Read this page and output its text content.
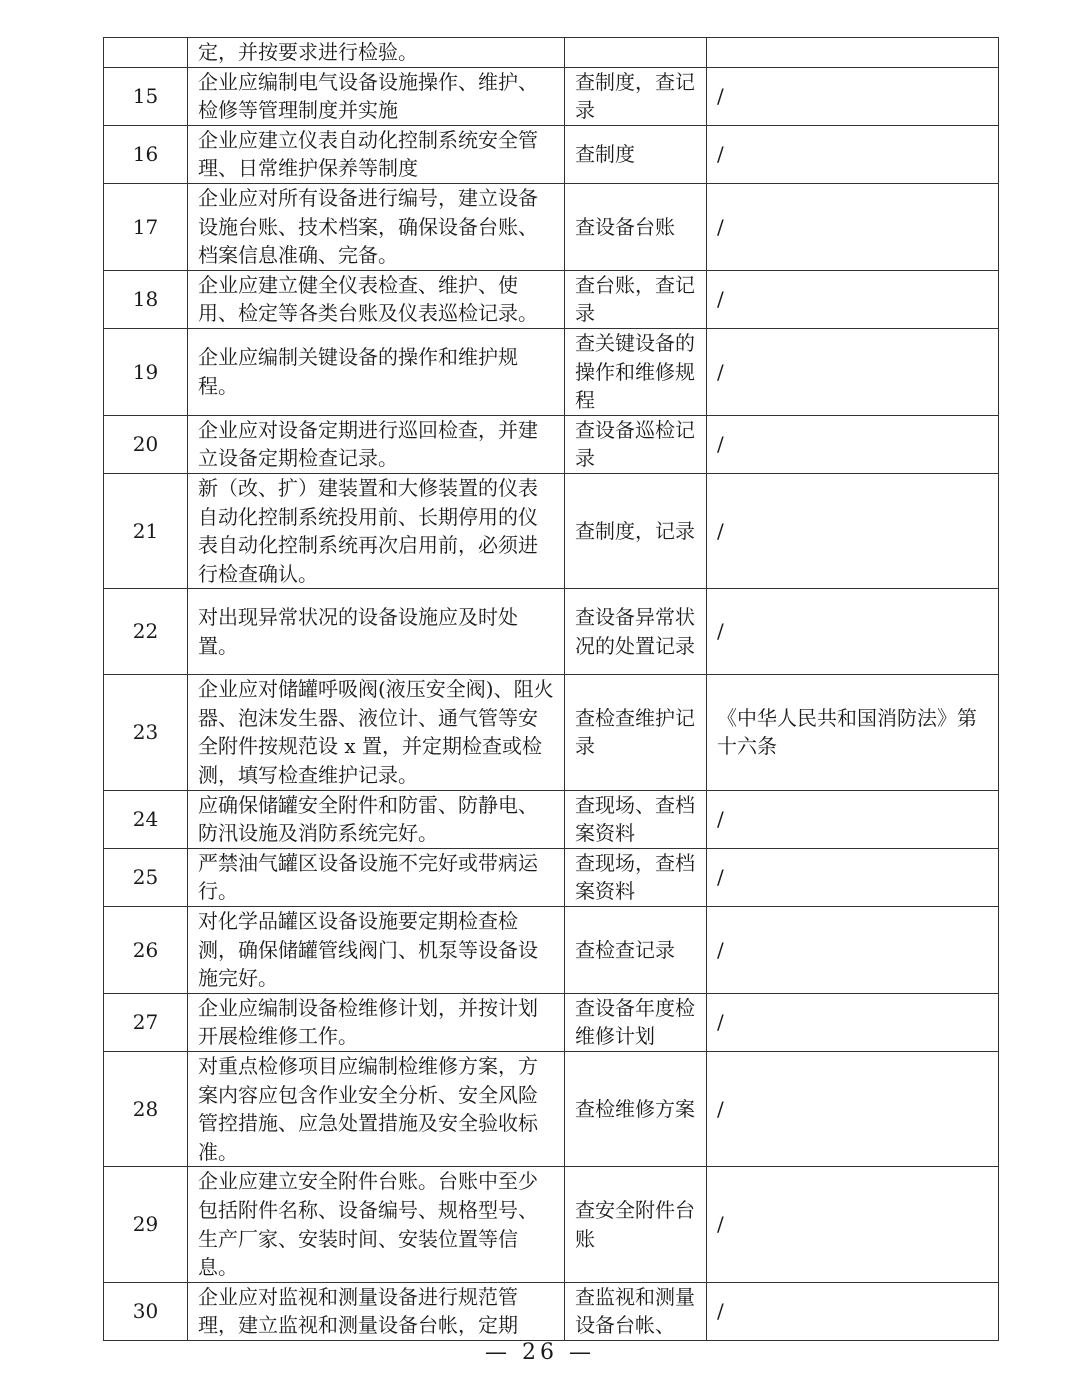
	定，并按要求进行检验。		
15	企业应编制电气设备设施操作、维护、检修等管理制度并实施	查制度，查记录	/
16	企业应建立仪表自动化控制系统安全管理、日常维护保养等制度	查制度	/
17	企业应对所有设备进行编号，建立设备设施台账、技术档案，确保设备台账、档案信息准确、完备。	查设备台账	/
18	企业应建立健全仪表检查、维护、使用、检定等各类台账及仪表巡检记录。	查台账，查记录	/
19	企业应编制关键设备的操作和维护规程。	查关键设备的操作和维修规程	/
20	企业应对设备定期进行巡回检查，并建立设备定期检查记录。	查设备巡检记录	/
21	新（改、扩）建装置和大修装置的仪表自动化控制系统投用前、长期停用的仪表自动化控制系统再次启用前，必须进行检查确认。	查制度，记录	/
22	对出现异常状况的设备设施应及时处置。	查设备异常状况的处置记录	/
23	企业应对储罐呼吸阀(液压安全阀)、阻火器、泡沫发生器、液位计、通气管等安全附件按规范设 x 置，并定期检查或检测，填写检查维护记录。	查检查维护记录	《中华人民共和国消防法》第十六条
24	应确保储罐安全附件和防雷、防静电、防汛设施及消防系统完好。	查现场、查档案资料	/
25	严禁油气罐区设备设施不完好或带病运行。	查现场，查档案资料	/
26	对化学品罐区设备设施要定期检查检测，确保储罐管线阀门、机泵等设备设施完好。	查检查记录	/
27	企业应编制设备检维修计划，并按计划开展检维修工作。	查设备年度检维修计划	/
28	对重点检修项目应编制检维修方案，方案内容应包含作业安全分析、安全风险管控措施、应急处置措施及安全验收标准。	查检维修方案	/
29	企业应建立安全附件台账。台账中至少包括附件名称、设备编号、规格型号、生产厂家、安装时间、安装位置等信息。	查安全附件台账	/
30	企业应对监视和测量设备进行规范管理，建立监视和测量设备台帐，定期	查监视和测量设备台帐、	/
— 26 —
